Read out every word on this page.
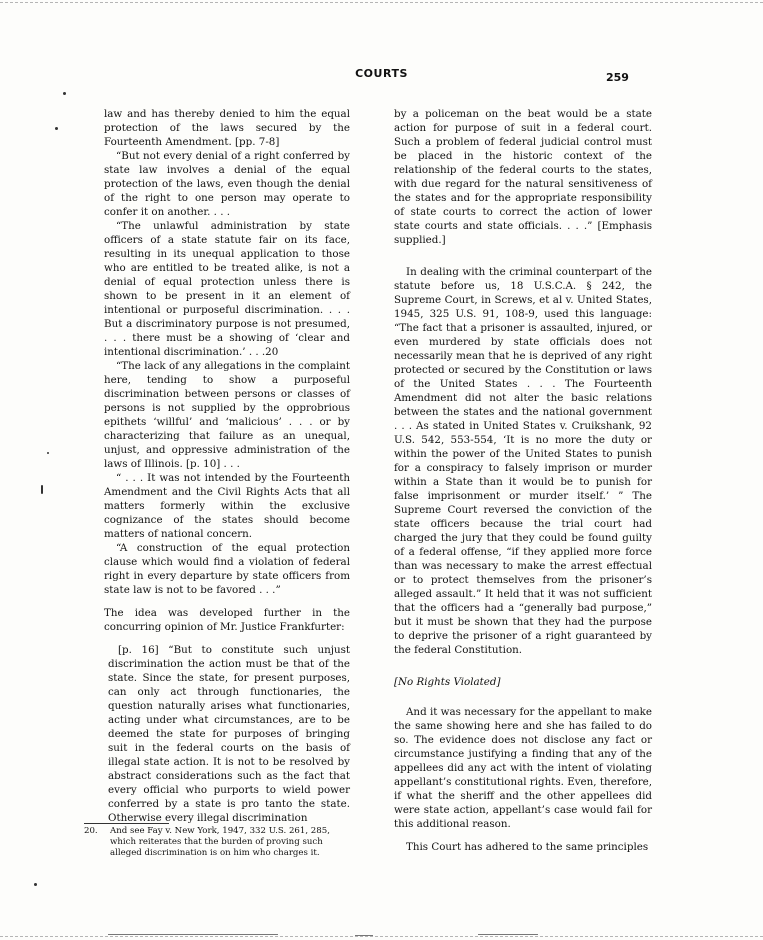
COURTS	259

law and has thereby denied to him the equal protection of the laws secured by the Fourteenth Amendment. [pp. 7-8]

“But not every denial of a right conferred by state law involves a denial of the equal protection of the laws, even though the denial of the right to one person may operate to confer it on another. . . .

“The unlawful administration by state officers of a state statute fair on its face, resulting in its unequal application to those who are entitled to be treated alike, is not a denial of equal protection unless there is shown to be present in it an element of intentional or purposeful discrimination. . . . But a discriminatory purpose is not presumed, . . . there must be a showing of ‘clear and intentional discrimination.’ . . .20

“The lack of any allegations in the complaint here, tending to show a purposeful discrimination between persons or classes of persons is not supplied by the opprobrious epithets ‘willful’ and ‘malicious’ . . . or by characterizing that failure as an unequal, unjust, and oppressive administration of the laws of Illinois. [p. 10] . . .

“ . . . It was not intended by the Fourteenth Amendment and the Civil Rights Acts that all matters formerly within the exclusive cognizance of the states should become matters of national concern.

“A construction of the equal protection clause which would find a violation of federal right in every departure by state officers from state law is not to be favored . . .”

The idea was developed further in the concurring opinion of Mr. Justice Frankfurter:

[p. 16] “But to constitute such unjust discrimination the action must be that of the state. Since the state, for present purposes, can only act through functionaries, the question naturally arises what functionaries, acting under what circumstances, are to be deemed the state for purposes of bringing suit in the federal courts on the basis of illegal state action. It is not to be resolved by abstract considerations such as the fact that every official who purports to wield power conferred by a state is pro tanto the state. Otherwise every illegal discrimination

by a policeman on the beat would be a state action for purpose of suit in a federal court. Such a problem of federal judicial control must be placed in the historic context of the relationship of the federal courts to the states, with due regard for the natural sensitiveness of the states and for the appropriate responsibility of state courts to correct the action of lower state courts and state officials. . . .” [Emphasis supplied.]

In dealing with the criminal counterpart of the statute before us, 18 U.S.C.A. § 242, the Supreme Court, in Screws, et al v. United States, 1945, 325 U.S. 91, 108-9, used this language: “The fact that a prisoner is assaulted, injured, or even murdered by state officials does not necessarily mean that he is deprived of any right protected or secured by the Constitution or laws of the United States . . . The Fourteenth Amendment did not alter the basic relations between the states and the national government . . . As stated in United States v. Cruikshank, 92 U.S. 542, 553-554, ‘It is no more the duty or within the power of the United States to punish for a conspiracy to falsely imprison or murder within a State than it would be to punish for false imprisonment or murder itself.’ ” The Supreme Court reversed the conviction of the state officers because the trial court had charged the jury that they could be found guilty of a federal offense, “if they applied more force than was necessary to make the arrest effectual or to protect themselves from the prisoner’s alleged assault.” It held that it was not sufficient that the officers had a “generally bad purpose,” but it must be shown that they had the purpose to deprive the prisoner of a right guaranteed by the federal Constitution.

[No Rights Violated]

And it was necessary for the appellant to make the same showing here and she has failed to do so. The evidence does not disclose any fact or circumstance justifying a finding that any of the appellees did any act with the intent of violating appellant’s constitutional rights. Even, therefore, if what the sheriff and the other appellees did were state action, appellant’s case would fail for this additional reason.

This Court has adhered to the same principles

20. And see Fay v. New York, 1947, 332 U.S. 261, 285, which reiterates that the burden of proving such alleged discrimination is on him who charges it.
